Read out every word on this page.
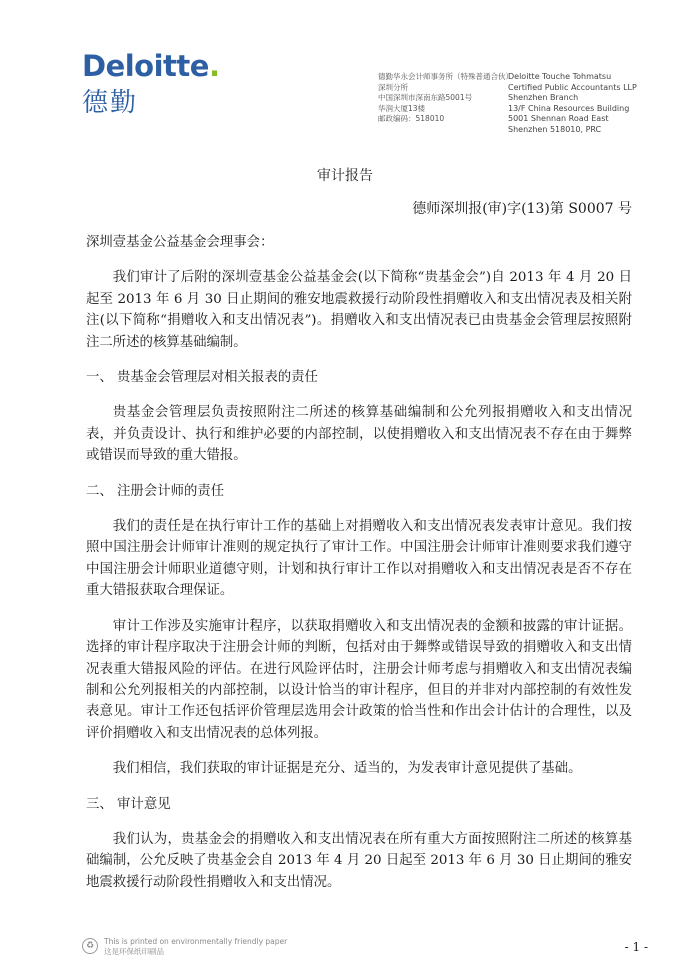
Deloitte.
德勤
德勤华永会计师事务所（特殊普通合伙）
深圳分所
中国深圳市深南东路5001号
华润大厦13楼
邮政编码：518010
Deloitte Touche Tohmatsu
Certified Public Accountants LLP
Shenzhen Branch
13/F China Resources Building
5001 Shennan Road East
Shenzhen 518010, PRC
审计报告
德师深圳报(审)字(13)第 S0007 号

深圳壹基金公益基金会理事会：

我们审计了后附的深圳壹基金公益基金会(以下简称“贵基金会”)自 2013 年 4 月 20 日起至 2013 年 6 月 30 日止期间的雅安地震救援行动阶段性捐赠收入和支出情况表及相关附注(以下简称“捐赠收入和支出情况表”)。捐赠收入和支出情况表已由贵基金会管理层按照附注二所述的核算基础编制。

一、 贵基金会管理层对相关报表的责任

贵基金会管理层负责按照附注二所述的核算基础编制和公允列报捐赠收入和支出情况表，并负责设计、执行和维护必要的内部控制，以使捐赠收入和支出情况表不存在由于舞弊或错误而导致的重大错报。

二、 注册会计师的责任

我们的责任是在执行审计工作的基础上对捐赠收入和支出情况表发表审计意见。我们按照中国注册会计师审计准则的规定执行了审计工作。中国注册会计师审计准则要求我们遵守中国注册会计师职业道德守则，计划和执行审计工作以对捐赠收入和支出情况表是否不存在重大错报获取合理保证。

审计工作涉及实施审计程序，以获取捐赠收入和支出情况表的金额和披露的审计证据。选择的审计程序取决于注册会计师的判断，包括对由于舞弊或错误导致的捐赠收入和支出情况表重大错报风险的评估。在进行风险评估时，注册会计师考虑与捐赠收入和支出情况表编制和公允列报相关的内部控制，以设计恰当的审计程序，但目的并非对内部控制的有效性发表意见。审计工作还包括评价管理层选用会计政策的恰当性和作出会计估计的合理性，以及评价捐赠收入和支出情况表的总体列报。

我们相信，我们获取的审计证据是充分、适当的，为发表审计意见提供了基础。

三、 审计意见

我们认为，贵基金会的捐赠收入和支出情况表在所有重大方面按照附注二所述的核算基础编制，公允反映了贵基金会自 2013 年 4 月 20 日起至 2013 年 6 月 30 日止期间的雅安地震救援行动阶段性捐赠收入和支出情况。

♻	This is printed on environmentally friendly paper
这是环保纸印刷品	- 1 -
